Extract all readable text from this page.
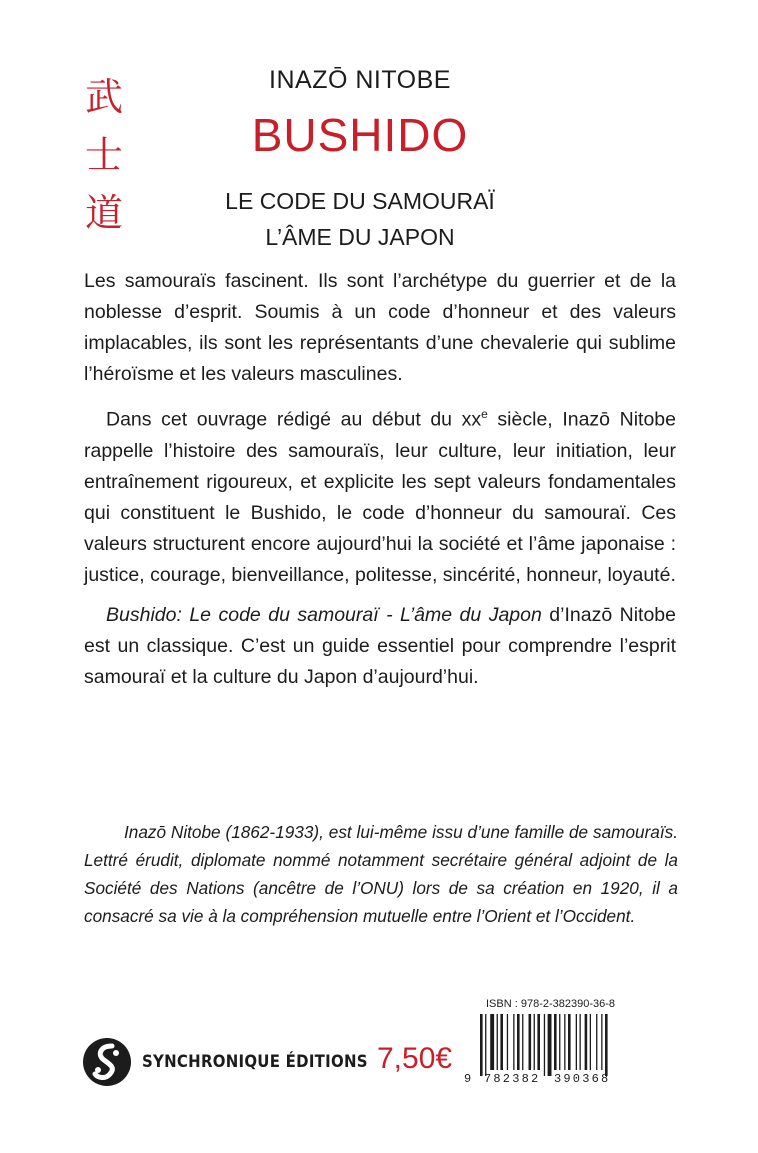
武
士
道
INAZŌ NITOBE
BUSHIDO
LE CODE DU SAMOURAÏ
L’ÂME DU JAPON

Les samouraïs fascinent. Ils sont l’archétype du guerrier et de la noblesse d’esprit. Soumis à un code d’honneur et des valeurs implacables, ils sont les représentants d’une chevalerie qui sublime l’héroïsme et les valeurs masculines.

Dans cet ouvrage rédigé au début du $xx^e$ siècle, Inazō Nitobe rappelle l’histoire des samouraïs, leur culture, leur initiation, leur entraînement rigoureux, et explicite les sept valeurs fondamentales qui constituent le Bushido, le code d’honneur du samouraï. Ces valeurs structurent encore aujourd’hui la société et l’âme japonaise : justice, courage, bienveillance, politesse, sincérité, honneur, loyauté.

Bushido: Le code du samouraï - L’âme du Japon d’Inazō Nitobe est un classique. C’est un guide essentiel pour comprendre l’esprit samouraï et la culture du Japon d’aujourd’hui.

Inazō Nitobe (1862-1933), est lui-même issu d’une famille de samouraïs. Lettré érudit, diplomate nommé notamment secrétaire général adjoint de la Société des Nations (ancêtre de l’ONU) lors de sa création en 1920, il a consacré sa vie à la compréhension mutuelle entre l’Orient et l’Occident.
SYNCHRONIQUE ÉDITIONS 7,50€
ISBN : 978-2-382390-36-8
9 782382 390368
